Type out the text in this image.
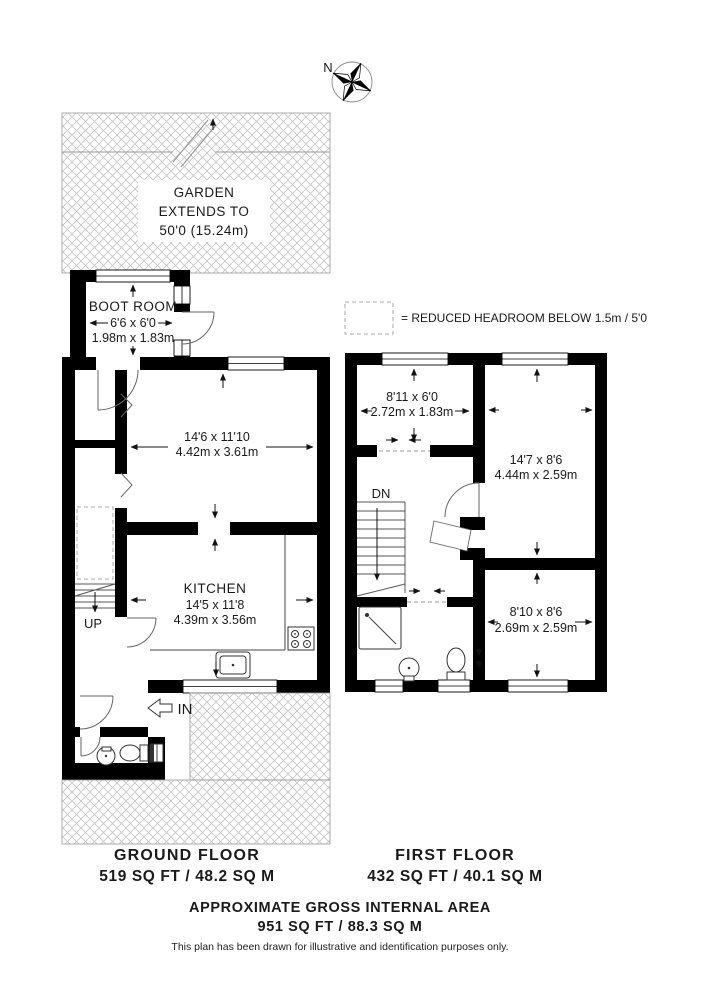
N
GARDEN
EXTENDS TO
50'0 (15.24m)
UP
IN
BOOT ROOM
6'6 x 6'0
1.98m x 1.83m
14'6 x 11'10
4.42m x 3.61m
KITCHEN
14'5 x 11'8
4.39m x 3.56m
= REDUCED HEADROOM BELOW 1.5m / 5'0
DN
8'11 x 6'0
2.72m x 1.83m
14'7 x 8'6
4.44m x 2.59m
8'10 x 8'6
2.69m x 2.59m
GROUND FLOOR
519 SQ FT / 48.2 SQ M
FIRST FLOOR
432 SQ FT / 40.1 SQ M
APPROXIMATE GROSS INTERNAL AREA
951 SQ FT / 88.3 SQ M
This plan has been drawn for illustrative and identification purposes only.
